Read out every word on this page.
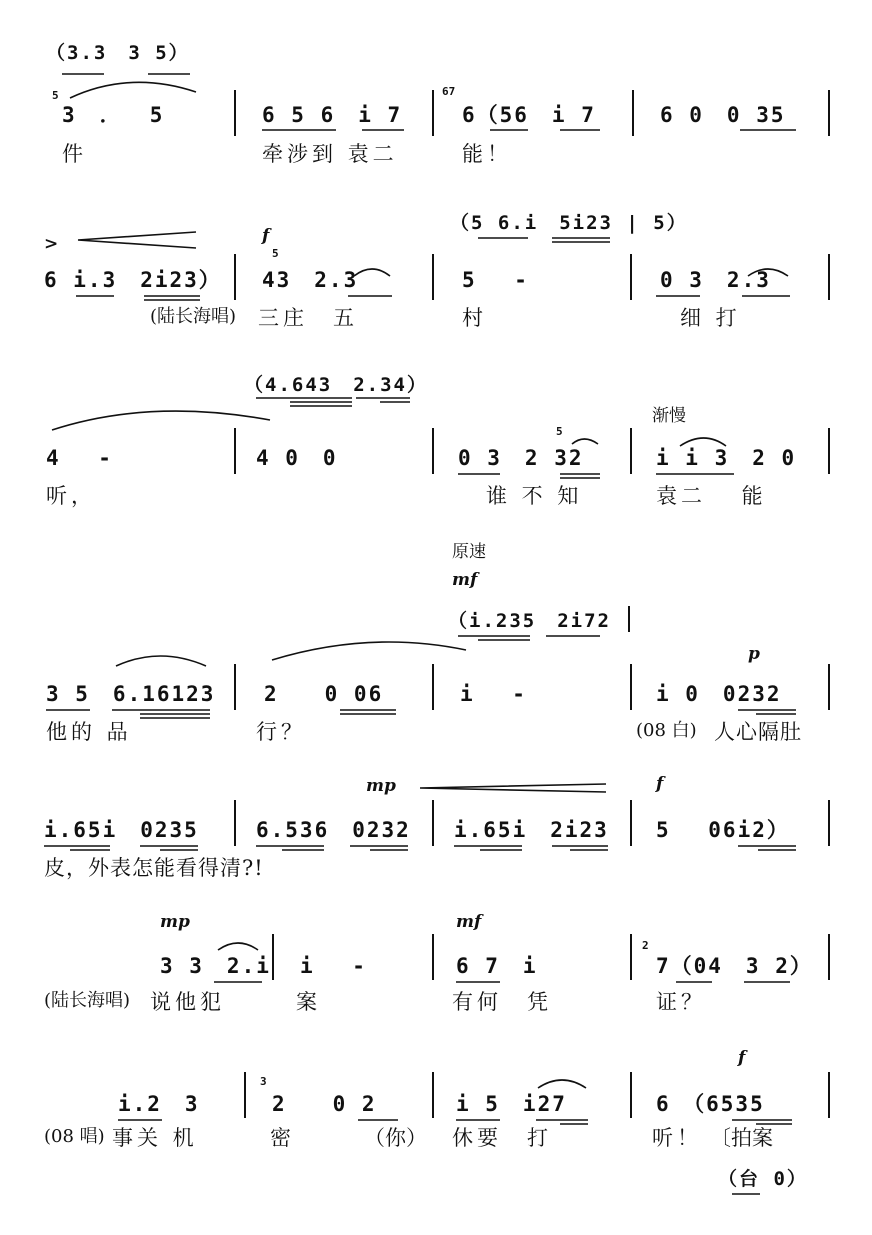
（3.3　3 5）
5
3　．　 5	6 5 6　i 7
67
6（56　i 7	6 0　0 35
件	牵涉到 袁二	能！
（5 6.i　5i23 | 5）
>	f
6 i.3　2i23）
5
43　2.3	5　 -	0 3　2.3
(陆长海唱) 三庄　五	村	细 打
（4.643　2.34）
渐慢
4　 -	4 0　0
5
0 3　2 32	i i 3　2 0
听，	谁 不 知	袁二　 能
原速
mf
（i.235　2i72
p
3 5　6.16123 2　　0 06	i　 -	i 0　0232
他的 品	行？	(08 白) 人心隔肚
mp	f
i.65i　0235	6.536　0232 i.65i　2i23 5　 06i2）
皮，外表怎能看得清?!
mp	mf
3 3　2.i i　 -	6 7　i
2
7（04　3 2）
(陆长海唱) 说他犯	案	有何　凭	证？
f
i.2　3
3
2　　0 2	i 5　i27	6　（6535
(08 唱) 事关 机	密	（你） 休要　打	听！ 〔拍案
（台 0）
